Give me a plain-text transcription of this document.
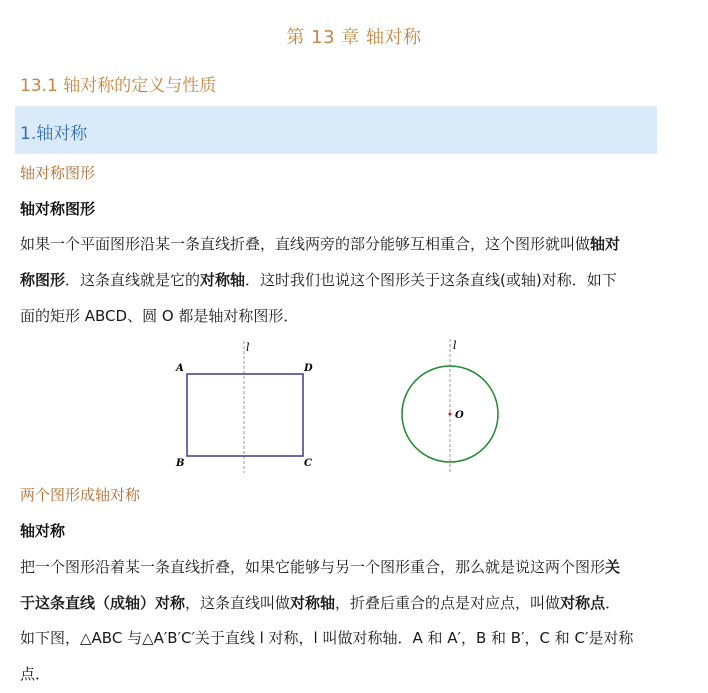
第 13 章 轴对称
13.1 轴对称的定义与性质
1.轴对称
轴对称图形
轴对称图形
如果一个平面图形沿某一条直线折叠，直线两旁的部分能够互相重合，这个图形就叫做轴对
称图形．这条直线就是它的对称轴．这时我们也说这个图形关于这条直线(或轴)对称．如下
面的矩形 ABCD、圆 O 都是轴对称图形．
l
A	D
B	C
l
O
两个图形成轴对称
轴对称
把一个图形沿着某一条直线折叠，如果它能够与另一个图形重合，那么就是说这两个图形关
于这条直线（成轴）对称，这条直线叫做对称轴，折叠后重合的点是对应点，叫做对称点．
如下图，△ABC 与△A′B′C′关于直线 l 对称，l 叫做对称轴．A 和 A′，B 和 B′，C 和 C′是对称
点．
